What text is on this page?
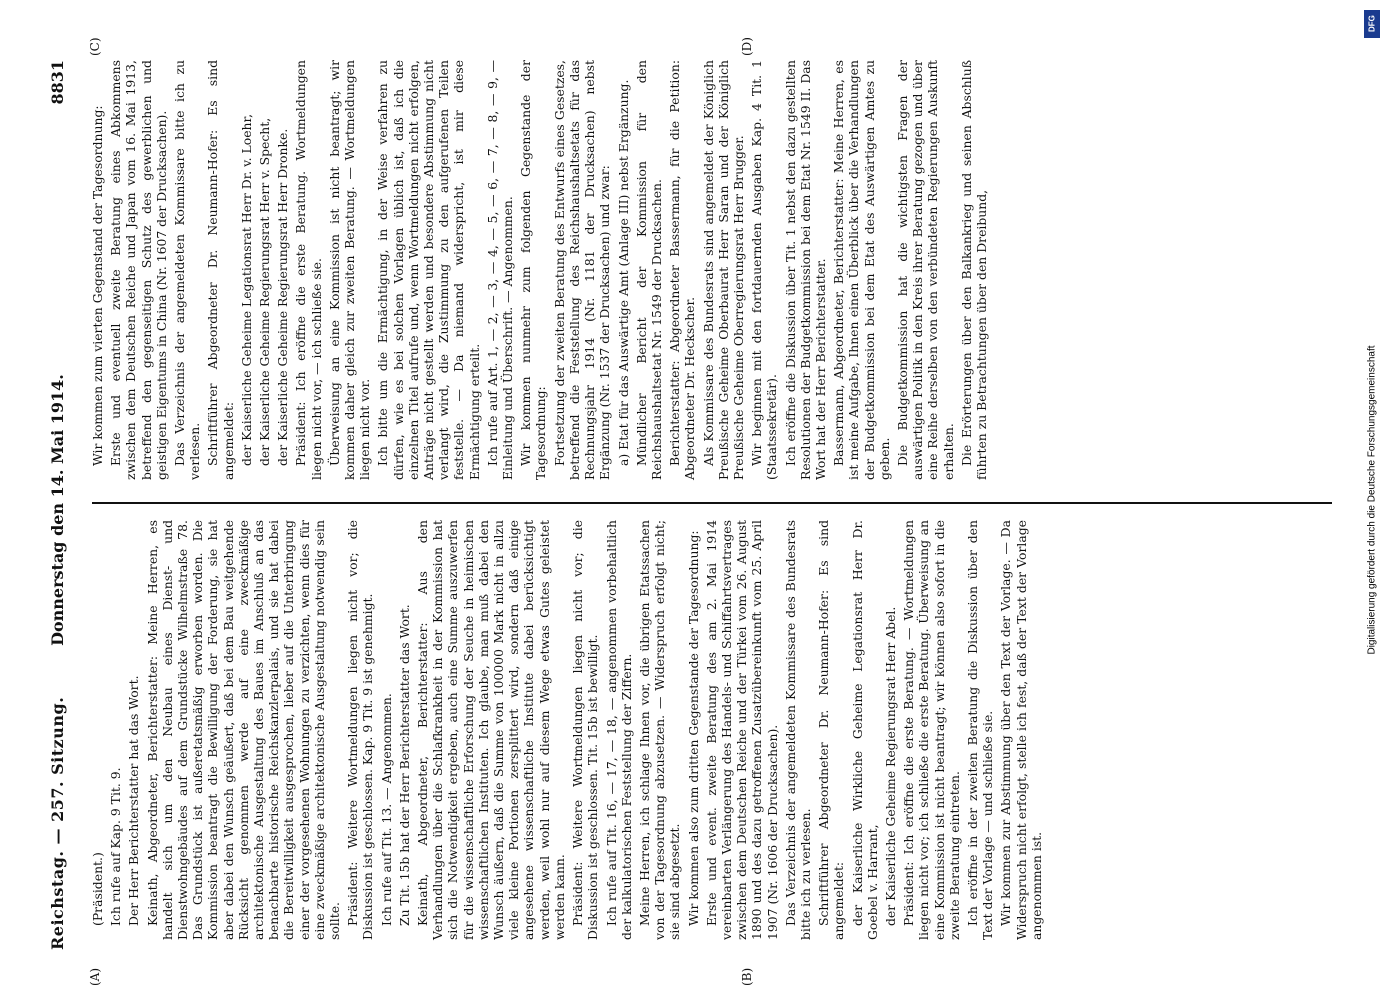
Reichstag. — 257. Sitzung.
Donnerstag den 14. Mai 1914.
8831
(A)	(B)
(C)	(D)

(Präsident.) Ich rufe auf Kap. 9 Tit. 9. Der Herr Berichterstatter hat das Wort. Keinath, Abgeordneter, Berichterstatter: Meine Herren, es handelt sich um den Neubau eines Dienst- und Dienstwohngebäudes auf dem Grundstücke Wilhelmstraße 78. Das Grundstück ist außeretatsmäßig erworben worden. Die Kommission beantragt die Bewilligung der Forderung, sie hat aber dabei den Wunsch geäußert, daß bei dem Bau weitgehende Rücksicht genommen werde auf eine zweckmäßige architektonische Ausgestaltung des Baues im Anschluß an das benachbarte historische Reichskanzlerpalais, und sie hat dabei die Bereitwilligkeit ausgesprochen, lieber auf die Unterbringung einer der vorgesehenen Wohnungen zu verzichten, wenn dies für eine zweckmäßige architektonische Ausgestaltung notwendig sein sollte. Präsident: Weitere Wortmeldungen liegen nicht vor; die Diskussion ist geschlossen. Kap. 9 Tit. 9 ist genehmigt. Ich rufe auf Tit. 13. — Angenommen. Zu Tit. 15b hat der Herr Berichterstatter das Wort. Keinath, Abgeordneter, Berichterstatter: Aus den Verhandlungen über die Schlafkrankheit in der Kommission hat sich die Notwendigkeit ergeben, auch eine Summe auszuwerfen für die wissenschaftliche Erforschung der Seuche in heimischen wissenschaftlichen Instituten. Ich glaube, man muß dabei den Wunsch äußern, daß die Summe von 100000 Mark nicht in allzu viele kleine Portionen zersplittert wird, sondern daß einige angesehene wissenschaftliche Institute dabei berücksichtigt werden, weil wohl nur auf diesem Wege etwas Gutes geleistet werden kann. Präsident: Weitere Wortmeldungen liegen nicht vor; die Diskussion ist geschlossen. Tit. 15b ist bewilligt. Ich rufe auf Tit. 16, — 17, — 18, — angenommen vorbehaltlich der kalkulatorischen Feststellung der Ziffern. Meine Herren, ich schlage Ihnen vor, die übrigen Etatssachen von der Tagesordnung abzusetzen. — Widerspruch erfolgt nicht; sie sind abgesetzt. Wir kommen also zum dritten Gegenstande der Tagesordnung: Erste und event. zweite Beratung des am 2. Mai 1914 vereinbarten Verlängerung des Handels- und Schiffahrtsvertrages zwischen dem Deutschen Reiche und der Türkei vom 26. August 1890 und des dazu getroffenen Zusatzübereinkunft vom 25. April 1907 (Nr. 1606 der Drucksachen). Das Verzeichnis der angemeldeten Kommissare des Bundesrats bitte ich zu verlesen. Schriftführer Abgeordneter Dr. Neumann-Hofer: Es sind angemeldet: der Kaiserliche Wirkliche Geheime Legationsrat Herr Dr. Goebel v. Harrant, der Kaiserliche Geheime Regierungsrat Herr Abel. Präsident: Ich eröffne die erste Beratung. — Wortmeldungen liegen nicht vor; ich schließe die erste Beratung. Überweisung an eine Kommission ist nicht beantragt; wir können also sofort in die zweite Beratung eintreten. Ich eröffne in der zweiten Beratung die Diskussion über den Text der Vorlage — und schließe sie. Wir kommen zur Abstimmung über den Text der Vorlage. — Da Widerspruch nicht erfolgt, stelle ich fest, daß der Text der Vorlage angenommen ist.

Wir kommen zum vierten Gegenstand der Tagesordnung: Erste und eventuell zweite Beratung eines Abkommens zwischen dem Deutschen Reiche und Japan vom 16. Mai 1913, betreffend den gegenseitigen Schutz des gewerblichen und geistigen Eigentums in China (Nr. 1607 der Drucksachen). Das Verzeichnis der angemeldeten Kommissare bitte ich zu verlesen. Schriftführer Abgeordneter Dr. Neumann-Hofer: Es sind angemeldet: der Kaiserliche Geheime Legationsrat Herr Dr. v. Loehr, der Kaiserliche Geheime Regierungsrat Herr v. Specht, der Kaiserliche Geheime Regierungsrat Herr Dronke. Präsident: Ich eröffne die erste Beratung. Wortmeldungen liegen nicht vor, — ich schließe sie. Überweisung an eine Kommission ist nicht beantragt; wir kommen daher gleich zur zweiten Beratung. — Wortmeldungen liegen nicht vor. Ich bitte um die Ermächtigung, in der Weise verfahren zu dürfen, wie es bei solchen Vorlagen üblich ist, daß ich die einzelnen Titel aufrufe und, wenn Wortmeldungen nicht erfolgen, Anträge nicht gestellt werden und besondere Abstimmung nicht verlangt wird, die Zustimmung zu den aufgerufenen Teilen feststelle. — Da niemand widerspricht, ist mir diese Ermächtigung erteilt. Ich rufe auf Art. 1, — 2, — 3, — 4, — 5, — 6, — 7, — 8, — 9, — Einleitung und Überschrift. — Angenommen. Wir kommen nunmehr zum folgenden Gegenstande der Tagesordnung: Fortsetzung der zweiten Beratung des Entwurfs eines Gesetzes, betreffend die Feststellung des Reichshaushaltsetats für das Rechnungsjahr 1914 (Nr. 1181 der Drucksachen) nebst Ergänzung (Nr. 1537 der Drucksachen) und zwar: a) Etat für das Auswärtige Amt (Anlage III) nebst Ergänzung. Mündlicher Bericht der Kommission für den Reichshaushaltsetat Nr. 1549 der Drucksachen. Berichterstatter: Abgeordneter Bassermann, für die Petition: Abgeordneter Dr. Heckscher. Als Kommissare des Bundesrats sind angemeldet der Königlich Preußische Geheime Oberbaurat Herr Saran und der Königlich Preußische Geheime Oberregierungsrat Herr Brugger. Wir beginnen mit den fortdauernden Ausgaben Kap. 4 Tit. 1 (Staatssekretär). Ich eröffne die Diskussion über Tit. 1 nebst den dazu gestellten Resolutionen der Budgetkommission bei dem Etat Nr. 1549 II. Das Wort hat der Herr Berichterstatter. Bassermann, Abgeordneter, Berichterstatter: Meine Herren, es ist meine Aufgabe, Ihnen einen Überblick über die Verhandlungen der Budgetkommission bei dem Etat des Auswärtigen Amtes zu geben. Die Budgetkommission hat die wichtigsten Fragen der auswärtigen Politik in den Kreis ihrer Beratung gezogen und über eine Reihe derselben von den verbündeten Regierungen Auskunft erhalten. Die Erörterungen über den Balkankrieg und seinen Abschluß führten zu Betrachtungen über den Dreibund,

DFG
Digitalisierung gefördert durch die Deutsche Forschungsgemeinschaft
